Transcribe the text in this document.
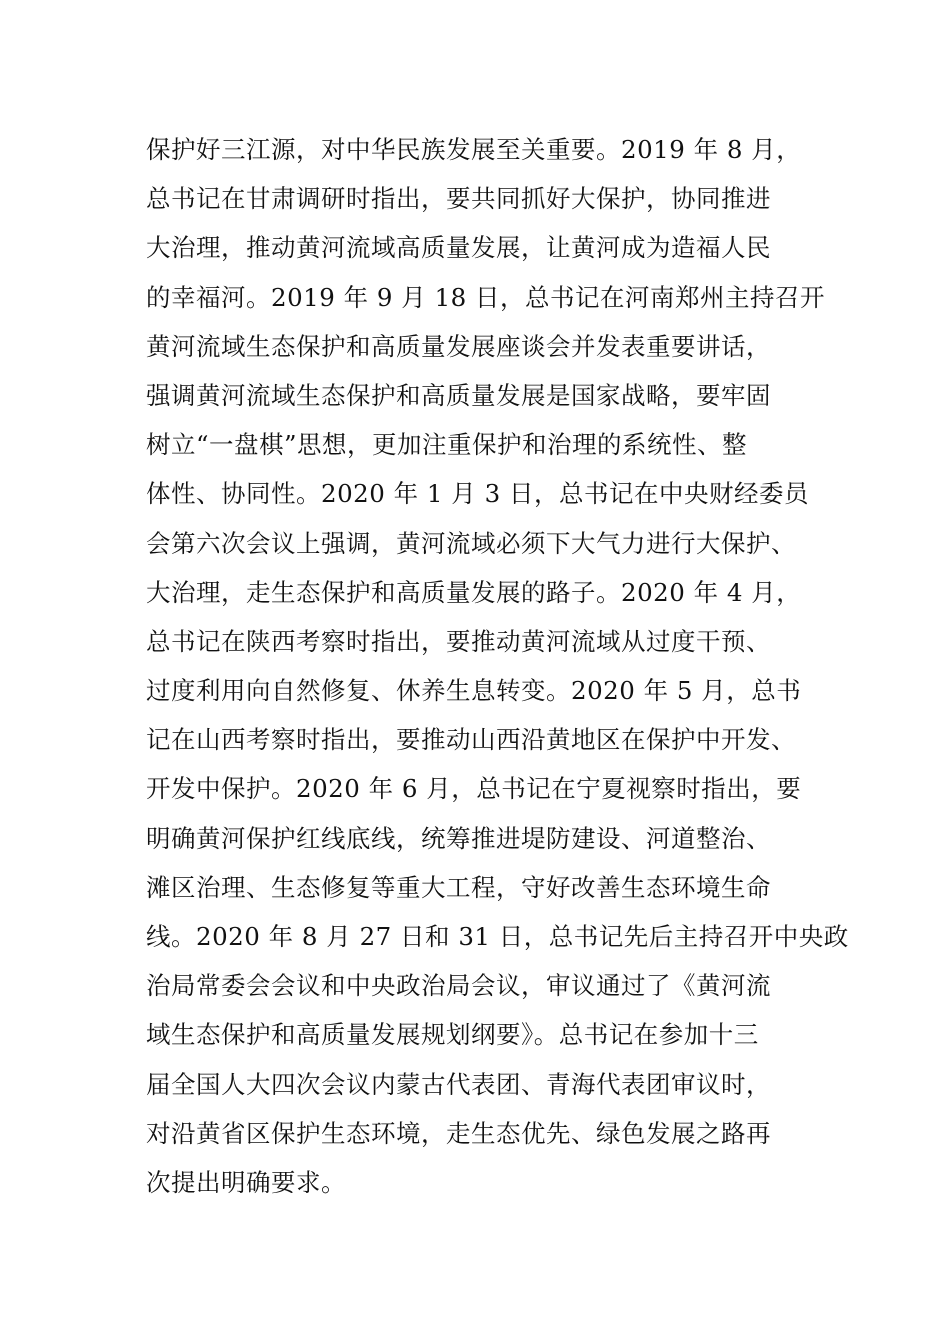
保护好三江源，对中华民族发展至关重要。2019 年 8 月，
总书记在甘肃调研时指出，要共同抓好大保护，协同推进
大治理，推动黄河流域高质量发展，让黄河成为造福人民
的幸福河。2019 年 9 月 18 日，总书记在河南郑州主持召开
黄河流域生态保护和高质量发展座谈会并发表重要讲话，
强调黄河流域生态保护和高质量发展是国家战略，要牢固
树立“一盘棋”思想，更加注重保护和治理的系统性、整
体性、协同性。2020 年 1 月 3 日，总书记在中央财经委员
会第六次会议上强调，黄河流域必须下大气力进行大保护、
大治理，走生态保护和高质量发展的路子。2020 年 4 月，
总书记在陕西考察时指出，要推动黄河流域从过度干预、
过度利用向自然修复、休养生息转变。2020 年 5 月，总书
记在山西考察时指出，要推动山西沿黄地区在保护中开发、
开发中保护。2020 年 6 月，总书记在宁夏视察时指出，要
明确黄河保护红线底线，统筹推进堤防建设、河道整治、
滩区治理、生态修复等重大工程，守好改善生态环境生命
线。2020 年 8 月 27 日和 31 日，总书记先后主持召开中央政
治局常委会会议和中央政治局会议，审议通过了《黄河流
域生态保护和高质量发展规划纲要》。总书记在参加十三
届全国人大四次会议内蒙古代表团、青海代表团审议时，
对沿黄省区保护生态环境，走生态优先、绿色发展之路再
次提出明确要求。
